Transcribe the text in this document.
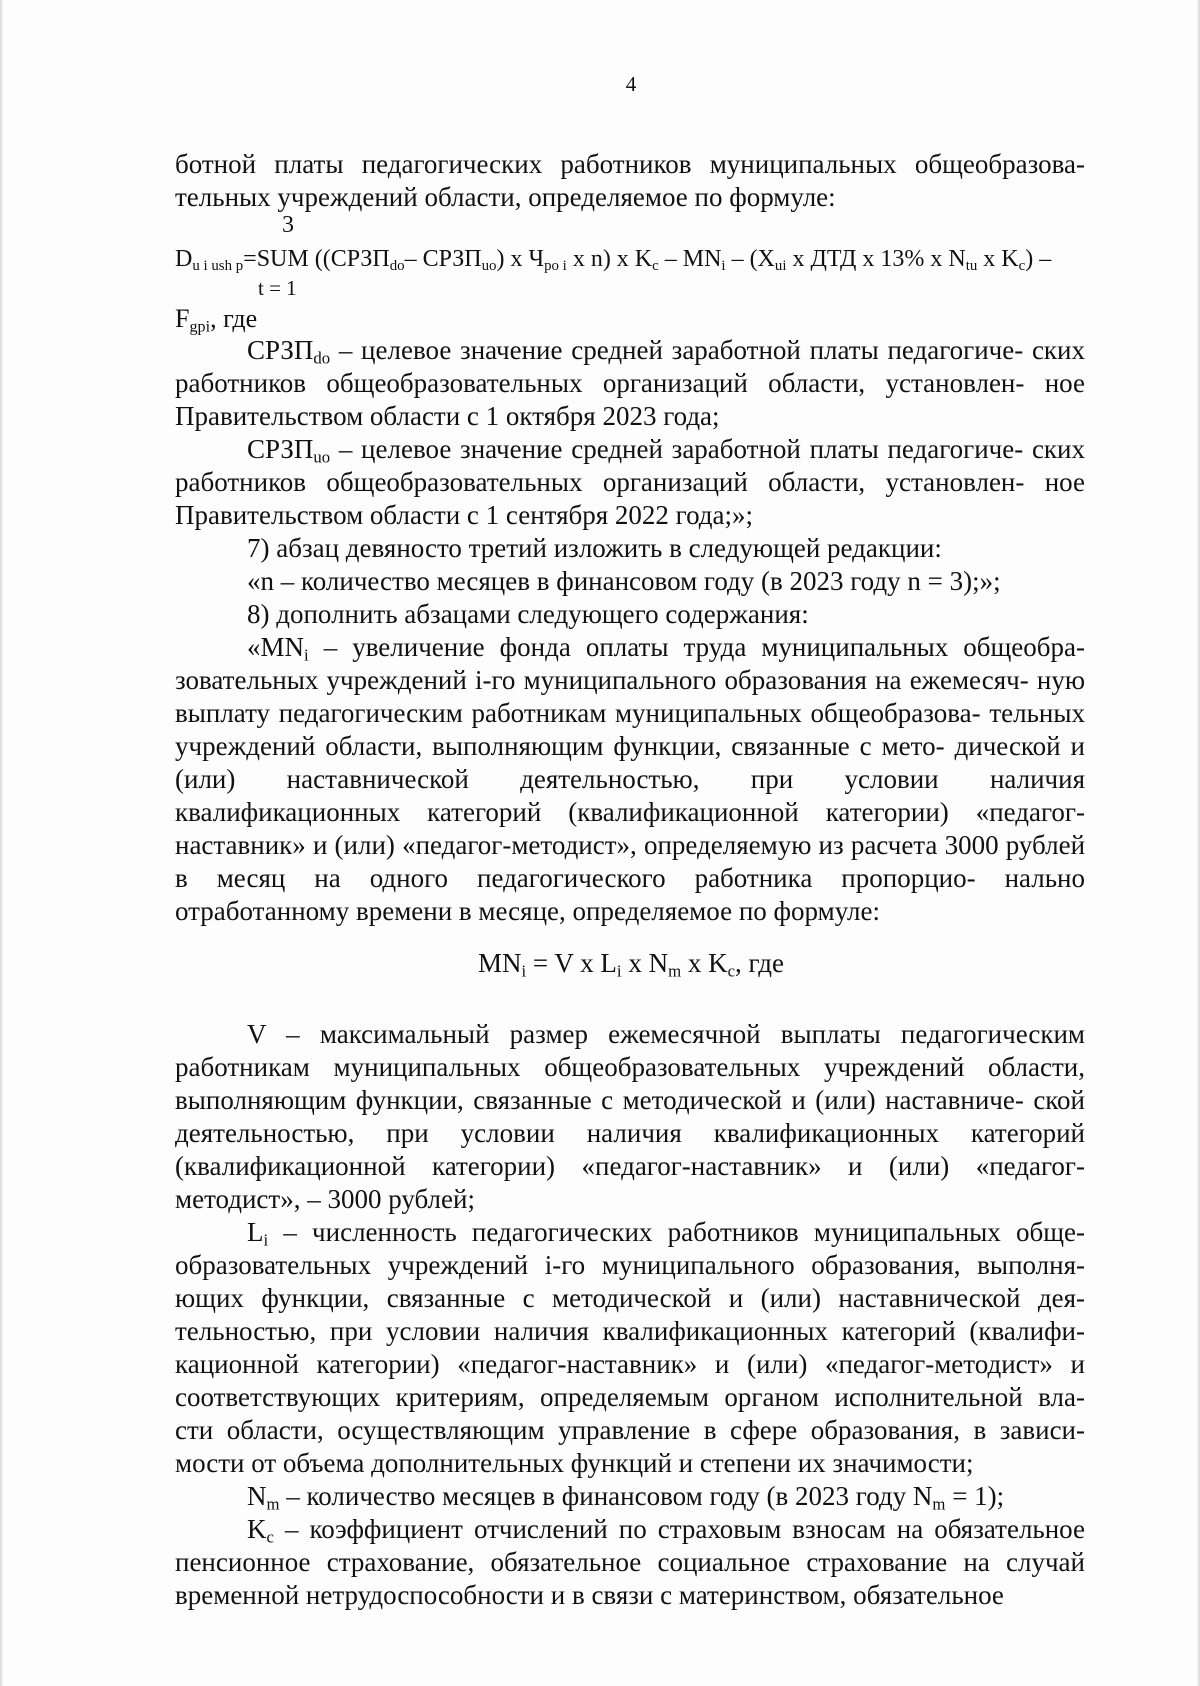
4

ботной платы педагогических работников муниципальных общеобразова-

тельных учреждений области, определяемое по формуле:

3
$D_{u i ush p}=SUM$ (($СРЗП_{do}-$ $СРЗП_{uo}$) х $Ч_{po i}$ х n) х $K_c - MN_i - (X_{ui}$ х ДТД х 13% х $N_{tu}$ х $K_c$) –
t = 1
$F_{gpi}$, где

$СРЗП_{do}$ – целевое значение средней заработной платы педагогиче- ских работников общеобразовательных организаций области, установлен- ное Правительством области с 1 октября 2023 года;

$СРЗП_{uo}$ – целевое значение средней заработной платы педагогиче- ских работников общеобразовательных организаций области, установлен- ное Правительством области с 1 сентября 2022 года;»;

7) абзац девяносто третий изложить в следующей редакции:

«n – количество месяцев в финансовом году (в 2023 году n = 3);»;

8) дополнить абзацами следующего содержания:

«$MN_i$ – увеличение фонда оплаты труда муниципальных общеобра- зовательных учреждений i-го муниципального образования на ежемесяч- ную выплату педагогическим работникам муниципальных общеобразова- тельных учреждений области, выполняющим функции, связанные с мето- дической и (или) наставнической деятельностью, при условии наличия квалификационных категорий (квалификационной категории) «педагог- наставник» и (или) «педагог-методист», определяемую из расчета 3000 рублей в месяц на одного педагогического работника пропорцио- нально отработанному времени в месяце, определяемое по формуле:

$MN_i = V$ х $L_i$ х $N_m$ х $K_c$, где

V – максимальный размер ежемесячной выплаты педагогическим работникам муниципальных общеобразовательных учреждений области, выполняющим функции, связанные с методической и (или) наставниче- ской деятельностью, при условии наличия квалификационных категорий (квалификационной категории) «педагог-наставник» и (или) «педагог-методист», – 3000 рублей;

$L_i$ – численность педагогических работников муниципальных обще-образовательных учреждений i-го муниципального образования, выполня- ющих функции, связанные с методической и (или) наставнической дея- тельностью, при условии наличия квалификационных категорий (квалифи- кационной категории) «педагог-наставник» и (или) «педагог-методист» и соответствующих критериям, определяемым органом исполнительной вла- сти области, осуществляющим управление в сфере образования, в зависи- мости от объема дополнительных функций и степени их значимости;

$N_m$ – количество месяцев в финансовом году (в 2023 году $N_m = 1$);

$K_c$ – коэффициент отчислений по страховым взносам на обязательное пенсионное страхование, обязательное социальное страхование на случай временной нетрудоспособности и в связи с материнством, обязательное
